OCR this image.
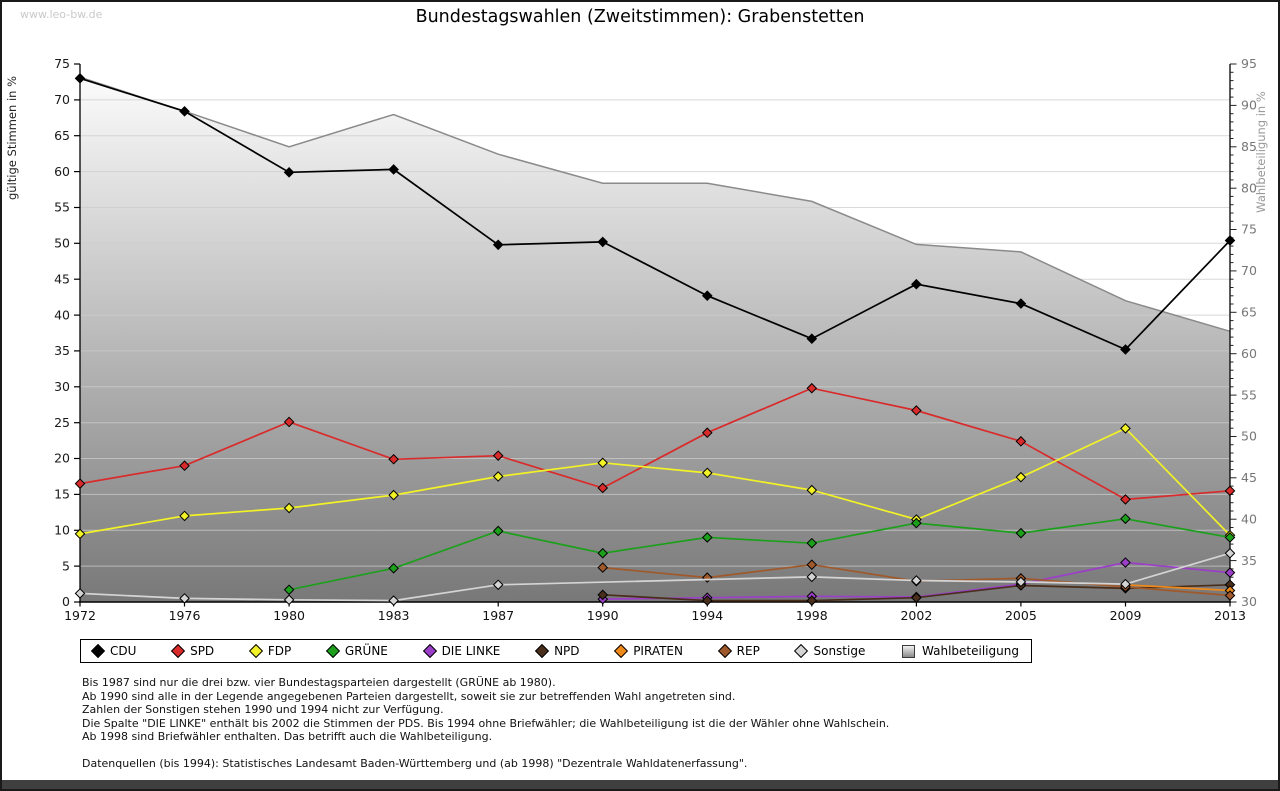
www.leo-bw.de	Bundestagswahlen (Zweitstimmen): Grabenstetten
0
5
10
15
20
25
30
35
40
45
50
55
60
65
70
75
30
35
40
45
50
55
60
65
70
75
80
85
90
95
1972	1976	1980	1983	1987	1990	1994	1998	2002	2005	2009	2013
gültige Stimmen in %	Wahlbeteiligung in %
CDU	SPD	FDP	GRÜNE	DIE LINKE	NPD	PIRATEN	REP	Sonstige	Wahlbeteiligung
Bis 1987 sind nur die drei bzw. vier Bundestagsparteien dargestellt (GRÜNE ab 1980).
Ab 1990 sind alle in der Legende angegebenen Parteien dargestellt, soweit sie zur betreffenden Wahl angetreten sind.
Zahlen der Sonstigen stehen 1990 und 1994 nicht zur Verfügung.
Die Spalte "DIE LINKE" enthält bis 2002 die Stimmen der PDS. Bis 1994 ohne Briefwähler; die Wahlbeteiligung ist die der Wähler ohne Wahlschein.
Ab 1998 sind Briefwähler enthalten. Das betrifft auch die Wahlbeteiligung.

Datenquellen (bis 1994): Statistisches Landesamt Baden-Württemberg und (ab 1998) "Dezentrale Wahldatenerfassung".
